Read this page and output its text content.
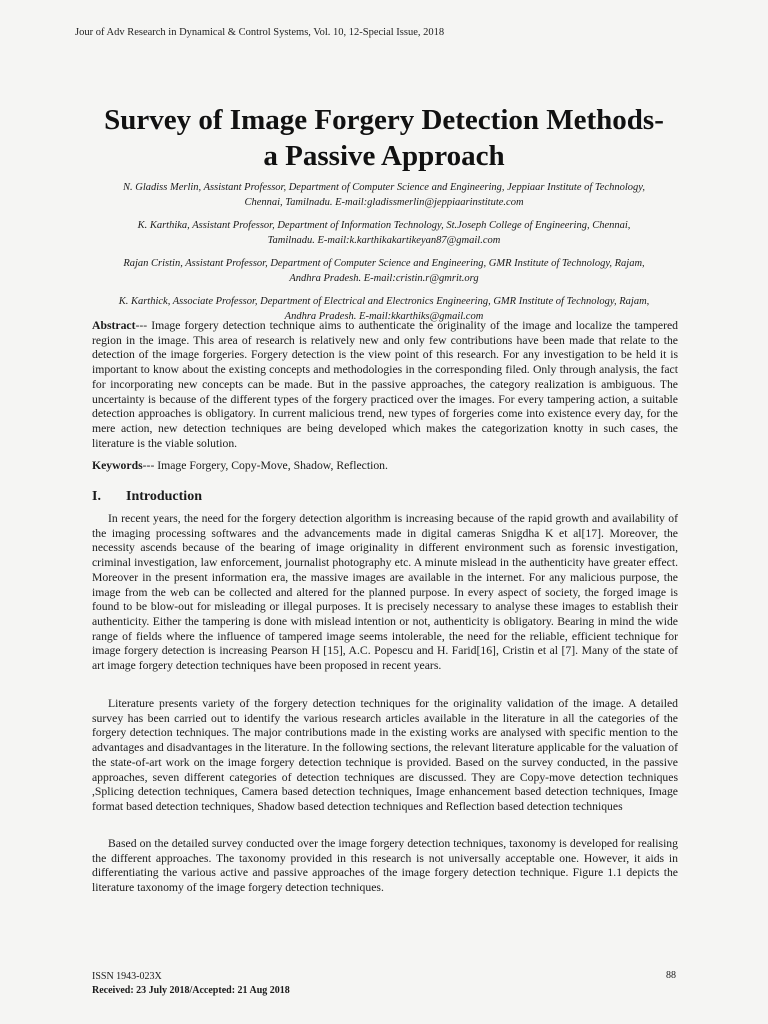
Jour of Adv Research in Dynamical & Control Systems, Vol. 10, 12-Special Issue, 2018
Survey of Image Forgery Detection Methods-
a Passive Approach
N. Gladiss Merlin, Assistant Professor, Department of Computer Science and Engineering, Jeppiaar Institute of Technology,
Chennai, Tamilnadu. E-mail:gladissmerlin@jeppiaarinstitute.com
K. Karthika, Assistant Professor, Department of Information Technology, St.Joseph College of Engineering, Chennai,
Tamilnadu. E-mail:k.karthikakartikeyan87@gmail.com
Rajan Cristin, Assistant Professor, Department of Computer Science and Engineering, GMR Institute of Technology, Rajam,
Andhra Pradesh. E-mail:cristin.r@gmrit.org
K. Karthick, Associate Professor, Department of Electrical and Electronics Engineering, GMR Institute of Technology, Rajam,
Andhra Pradesh. E-mail:kkarthiks@gmail.com
Abstract--- Image forgery detection technique aims to authenticate the originality of the image and localize the tampered region in the image. This area of research is relatively new and only few contributions have been made that relate to the detection of the image forgeries. Forgery detection is the view point of this research. For any investigation to be held it is important to know about the existing concepts and methodologies in the corresponding filed. Only through analysis, the fact for incorporating new concepts can be made. But in the passive approaches, the category realization is ambiguous. The uncertainty is because of the different types of the forgery practiced over the images. For every tampering action, a suitable detection approaches is obligatory. In current malicious trend, new types of forgeries come into existence every day, for the mere action, new detection techniques are being developed which makes the categorization knotty in such cases, the literature is the viable solution.
Keywords--- Image Forgery, Copy-Move, Shadow, Reflection.
I. Introduction
In recent years, the need for the forgery detection algorithm is increasing because of the rapid growth and availability of the imaging processing softwares and the advancements made in digital cameras Snigdha K et al[17]. Moreover, the necessity ascends because of the bearing of image originality in different environment such as forensic investigation, criminal investigation, law enforcement, journalist photography etc. A minute mislead in the authenticity have greater effect. Moreover in the present information era, the massive images are available in the internet. For any malicious purpose, the image from the web can be collected and altered for the planned purpose. In every aspect of society, the forged image is found to be blow-out for misleading or illegal purposes. It is precisely necessary to analyse these images to establish their authenticity. Either the tampering is done with mislead intention or not, authenticity is obligatory. Bearing in mind the wide range of fields where the influence of tampered image seems intolerable, the need for the reliable, efficient technique for image forgery detection is increasing Pearson H [15], A.C. Popescu and H. Farid[16], Cristin et al [7]. Many of the state of art image forgery detection techniques have been proposed in recent years.
Literature presents variety of the forgery detection techniques for the originality validation of the image. A detailed survey has been carried out to identify the various research articles available in the literature in all the categories of the forgery detection techniques. The major contributions made in the existing works are analysed with specific mention to the advantages and disadvantages in the literature. In the following sections, the relevant literature applicable for the valuation of the state-of-art work on the image forgery detection technique is provided. Based on the survey conducted, in the passive approaches, seven different categories of detection techniques are discussed. They are Copy-move detection techniques ,Splicing detection techniques, Camera based detection techniques, Image enhancement based detection techniques, Image format based detection techniques, Shadow based detection techniques and Reflection based detection techniques
Based on the detailed survey conducted over the image forgery detection techniques, taxonomy is developed for realising the different approaches. The taxonomy provided in this research is not universally acceptable one. However, it aids in differentiating the various active and passive approaches of the image forgery detection technique. Figure 1.1 depicts the literature taxonomy of the image forgery detection techniques.
ISSN 1943-023X
Received: 23 July 2018/Accepted: 21 Aug 2018
88
